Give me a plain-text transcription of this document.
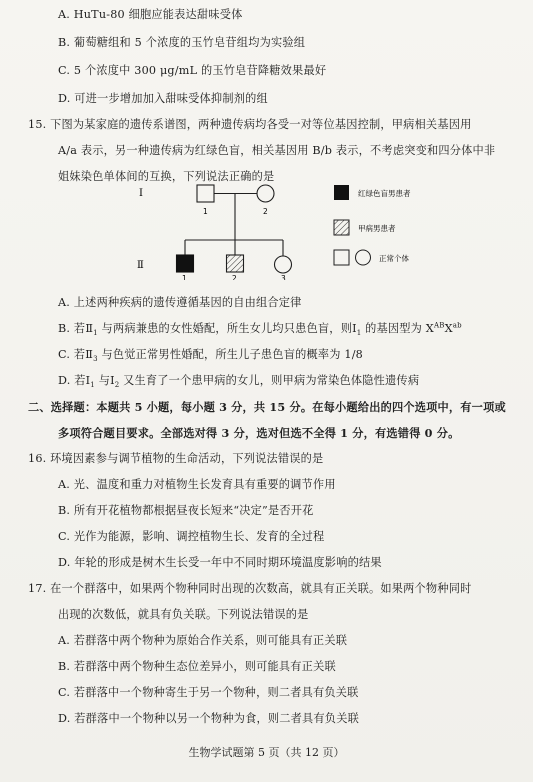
A. HuTu-80 细胞应能表达甜味受体
B. 葡萄糖组和 5 个浓度的玉竹皂苷组均为实验组
C. 5 个浓度中 300 μg/mL 的玉竹皂苷降糖效果最好
D. 可进一步增加加入甜味受体抑制剂的组
15. 下图为某家庭的遗传系谱图，两种遗传病均各受一对等位基因控制，甲病相关基因用
A/a 表示，另一种遗传病为红绿色盲，相关基因用 B/b 表示，不考虑突变和四分体中非
姐妹染色单体间的互换，下列说法正确的是
Ⅰ
Ⅱ
1	2
1	2	3
红绿色盲男患者
甲病男患者
正常个体
A. 上述两种疾病的遗传遵循基因的自由组合定律
B. 若$Ⅱ_1$ 与两病兼患的女性婚配，所生女儿均只患色盲，则$Ⅰ_1$ 的基因型为 $X^{AB}X^{ab}$
C. 若$Ⅱ_3$ 与色觉正常男性婚配，所生儿子患色盲的概率为 1/8
D. 若$Ⅰ_1$ 与$Ⅰ_2$ 又生育了一个患甲病的女儿，则甲病为常染色体隐性遗传病
二、选择题：本题共 5 小题，每小题 3 分，共 15 分。在每小题给出的四个选项中，有一项或
多项符合题目要求。全部选对得 3 分，选对但选不全得 1 分，有选错得 0 分。
16. 环境因素参与调节植物的生命活动，下列说法错误的是
A. 光、温度和重力对植物生长发育具有重要的调节作用
B. 所有开花植物都根据昼夜长短来“决定”是否开花
C. 光作为能源，影响、调控植物生长、发育的全过程
D. 年轮的形成是树木生长受一年中不同时期环境温度影响的结果
17. 在一个群落中，如果两个物种同时出现的次数高，就具有正关联。如果两个物种同时
出现的次数低，就具有负关联。下列说法错误的是
A. 若群落中两个物种为原始合作关系，则可能具有正关联
B. 若群落中两个物种生态位差异小，则可能具有正关联
C. 若群落中一个物种寄生于另一个物种，则二者具有负关联
D. 若群落中一个物种以另一个物种为食，则二者具有负关联
生物学试题第 5 页（共 12 页）
